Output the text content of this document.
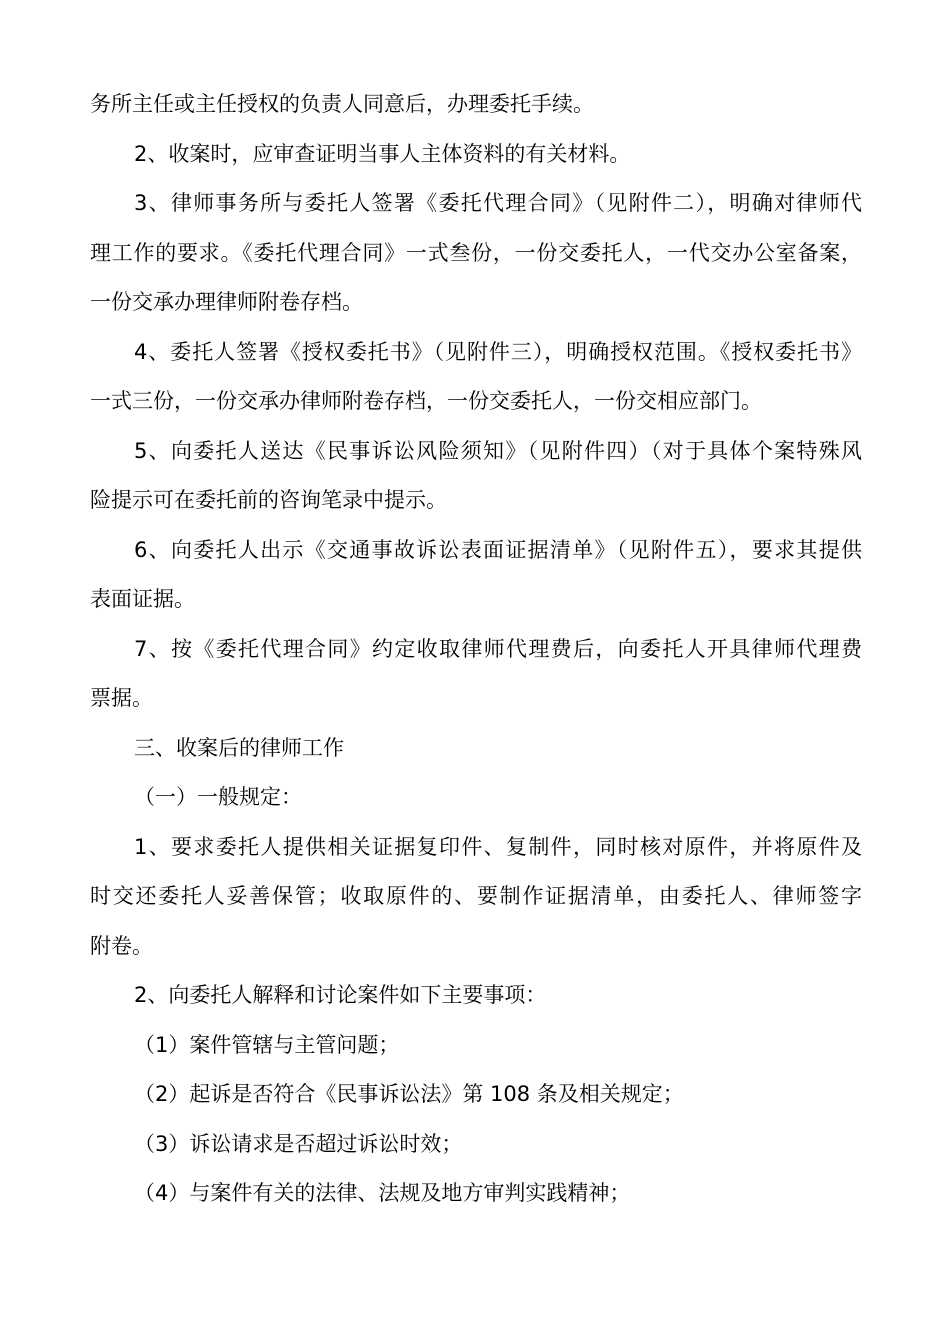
务所主任或主任授权的负责人同意后，办理委托手续。
2、收案时，应审查证明当事人主体资料的有关材料。
3、律师事务所与委托人签署《委托代理合同》（见附件二），明确对律师代
理工作的要求。《委托代理合同》一式叁份，一份交委托人，一代交办公室备案，
一份交承办理律师附卷存档。
4、委托人签署《授权委托书》（见附件三），明确授权范围。《授权委托书》
一式三份，一份交承办律师附卷存档，一份交委托人，一份交相应部门。
5、向委托人送达《民事诉讼风险须知》（见附件四）（对于具体个案特殊风
险提示可在委托前的咨询笔录中提示。
6、向委托人出示《交通事故诉讼表面证据清单》（见附件五），要求其提供
表面证据。
7、按《委托代理合同》约定收取律师代理费后，向委托人开具律师代理费
票据。
三、收案后的律师工作
（一）一般规定：
1、要求委托人提供相关证据复印件、复制件，同时核对原件，并将原件及
时交还委托人妥善保管；收取原件的、要制作证据清单，由委托人、律师签字
附卷。
2、向委托人解释和讨论案件如下主要事项：
（1）案件管辖与主管问题；
（2）起诉是否符合《民事诉讼法》第 108 条及相关规定；
（3）诉讼请求是否超过诉讼时效；
（4）与案件有关的法律、法规及地方审判实践精神；
